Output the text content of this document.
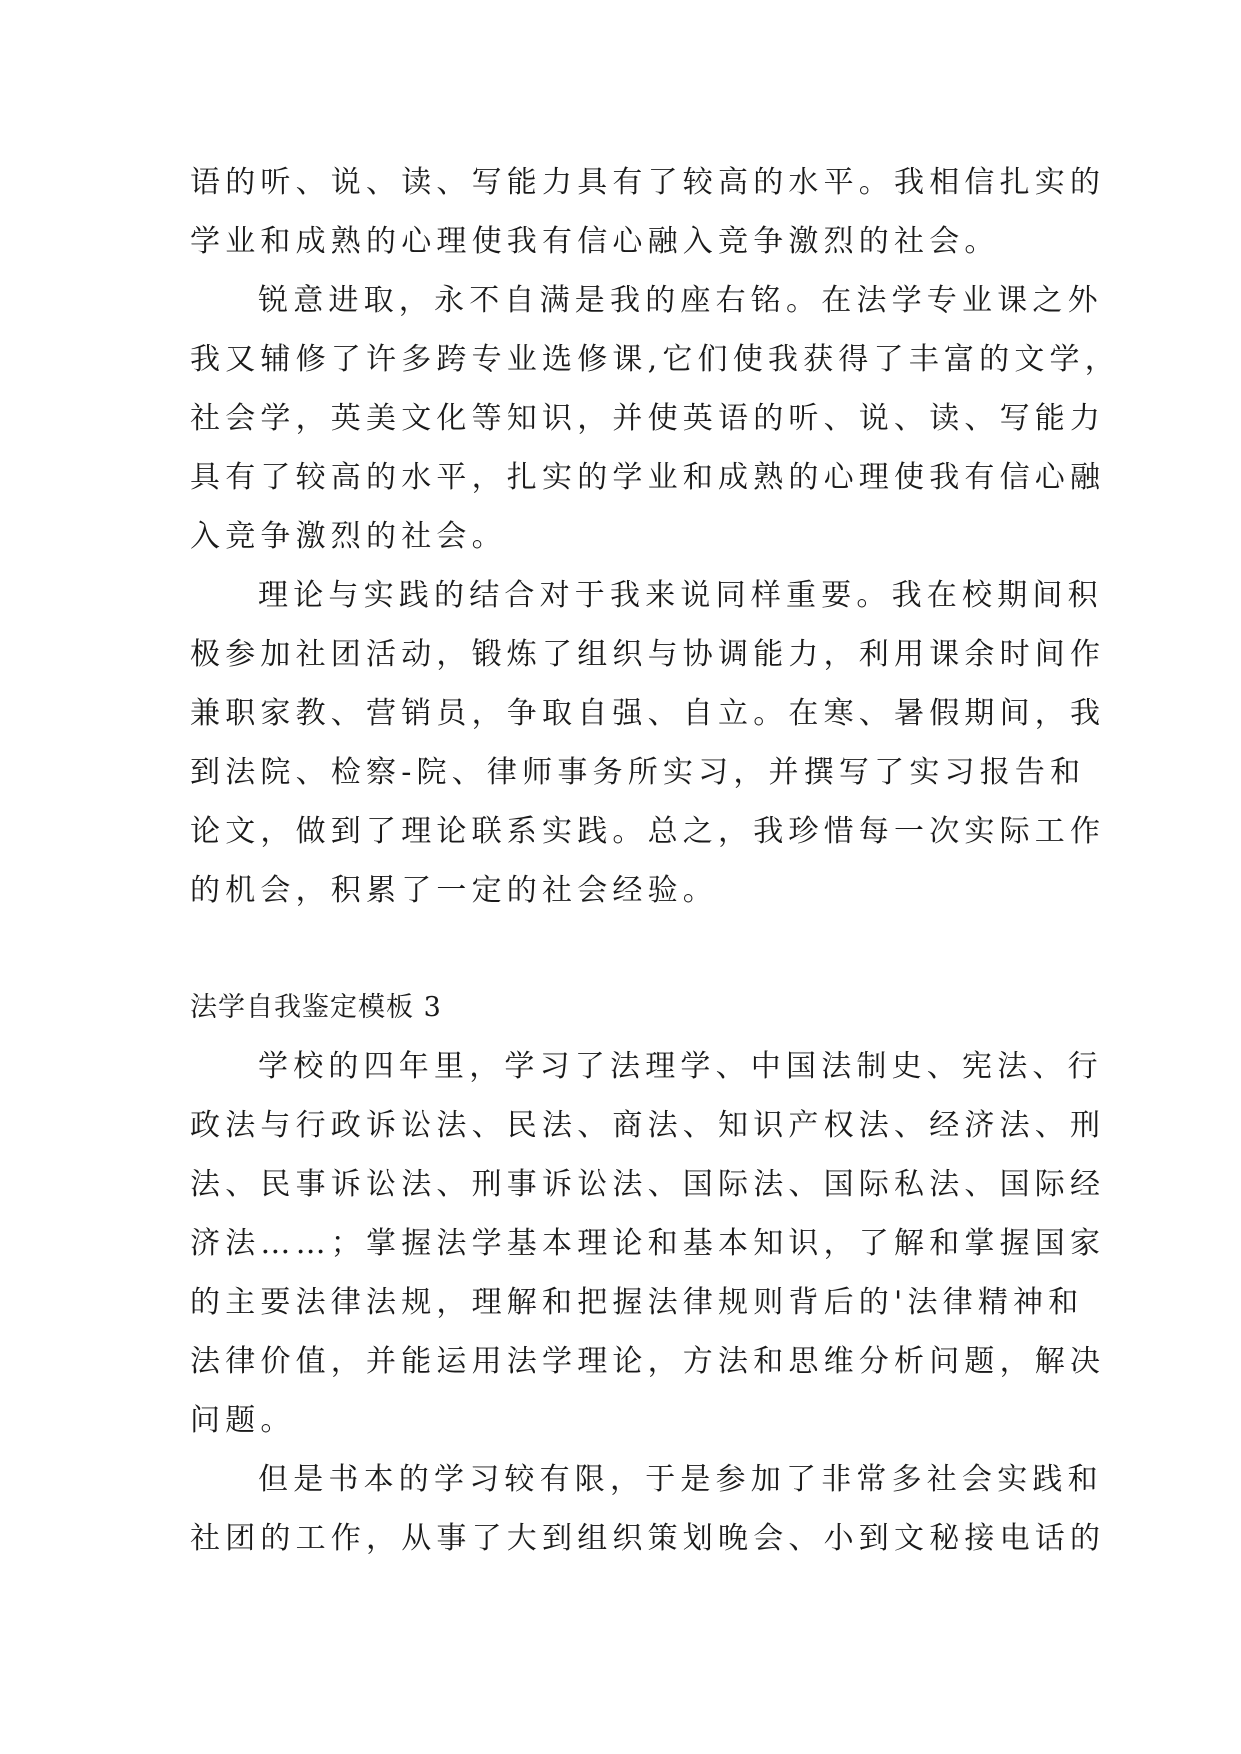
语的听、说、读、写能力具有了较高的水平。我相信扎实的
学业和成熟的心理使我有信心融入竞争激烈的社会。
锐意进取，永不自满是我的座右铭。在法学专业课之外
我又辅修了许多跨专业选修课,它们使我获得了丰富的文学，
社会学，英美文化等知识，并使英语的听、说、读、写能力
具有了较高的水平，扎实的学业和成熟的心理使我有信心融
入竞争激烈的社会。
理论与实践的结合对于我来说同样重要。我在校期间积
极参加社团活动，锻炼了组织与协调能力，利用课余时间作
兼职家教、营销员，争取自强、自立。在寒、暑假期间，我
到法院、检察-院、律师事务所实习，并撰写了实习报告和
论文，做到了理论联系实践。总之，我珍惜每一次实际工作
的机会，积累了一定的社会经验。
法学自我鉴定模板 3
学校的四年里，学习了法理学、中国法制史、宪法、行
政法与行政诉讼法、民法、商法、知识产权法、经济法、刑
法、民事诉讼法、刑事诉讼法、国际法、国际私法、国际经
济法……；掌握法学基本理论和基本知识，了解和掌握国家
的主要法律法规，理解和把握法律规则背后的'法律精神和
法律价值，并能运用法学理论，方法和思维分析问题，解决
问题。
但是书本的学习较有限，于是参加了非常多社会实践和
社团的工作，从事了大到组织策划晚会、小到文秘接电话的
